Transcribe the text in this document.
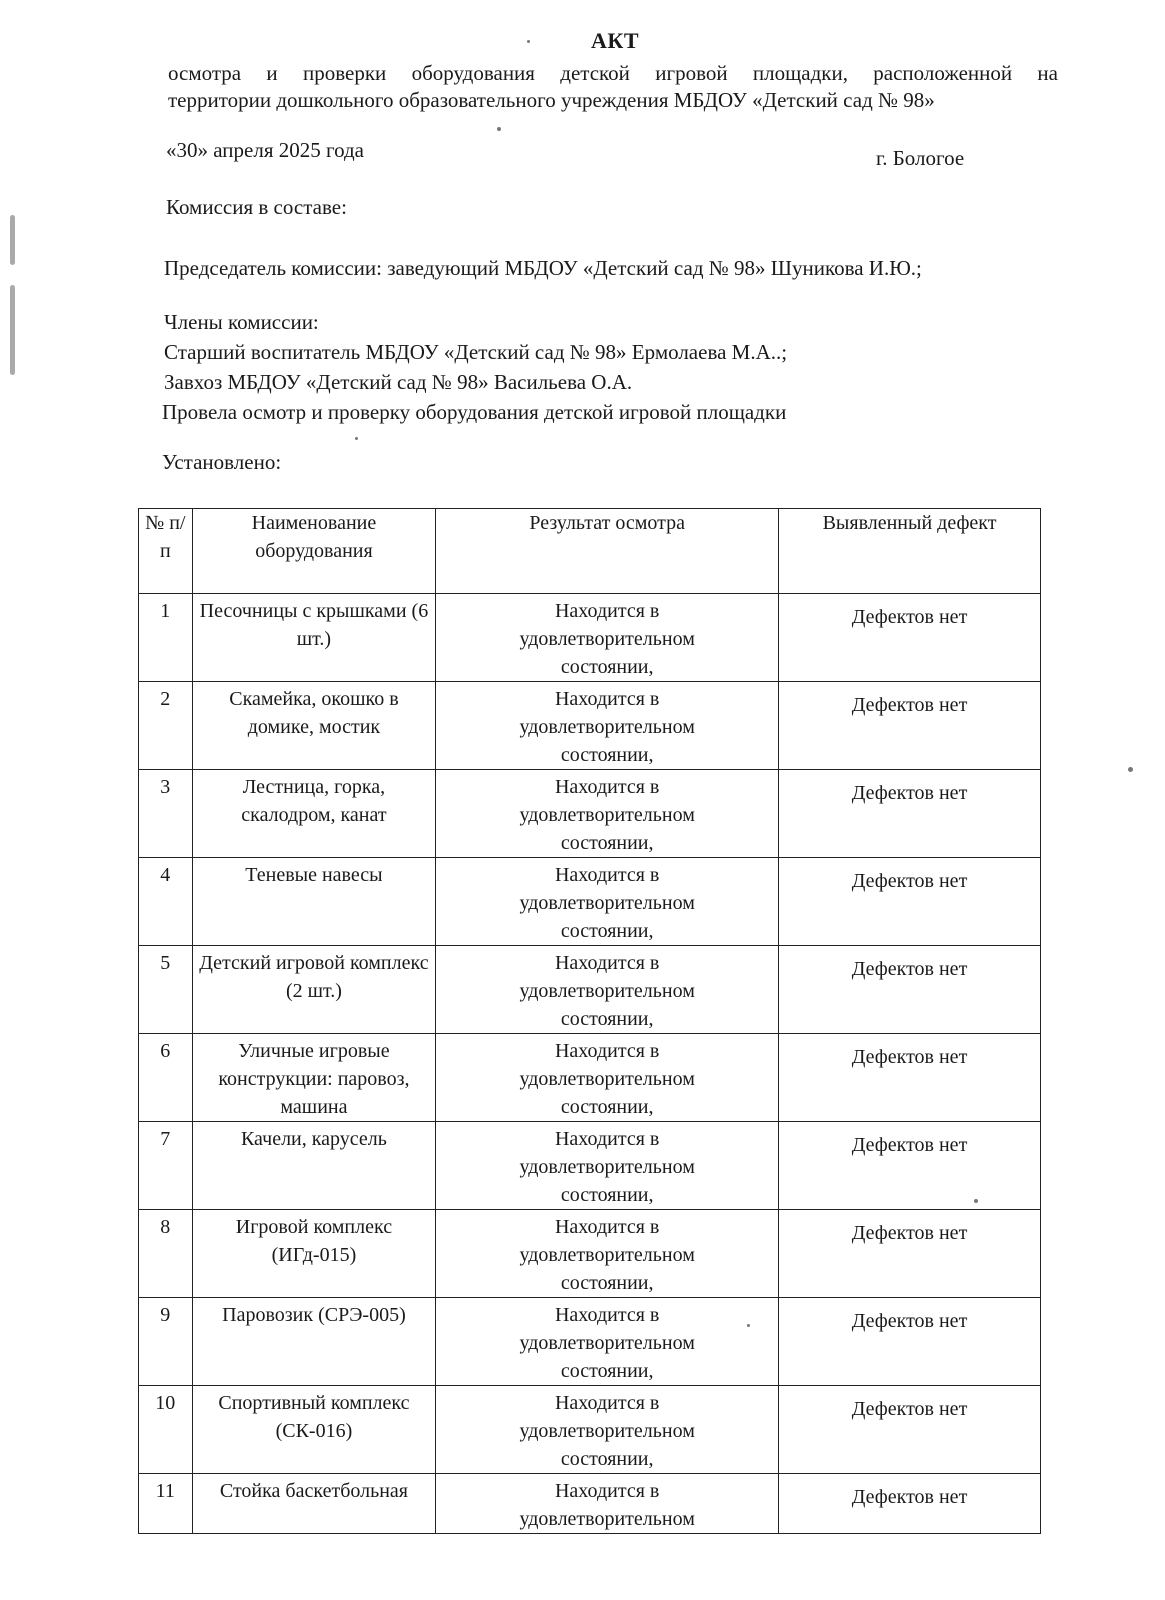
АКТ
осмотра и проверки оборудования детской игровой площадки, расположенной на
территории дошкольного образовательного учреждения МБДОУ «Детский сад № 98»
«30» апреля 2025 года	г. Бологое
Комиссия в составе:
Председатель комиссии: заведующий МБДОУ «Детский сад № 98» Шуникова И.Ю.;
Члены комиссии:
Старший воспитатель МБДОУ «Детский сад № 98» Ермолаева М.А..;
Завхоз МБДОУ «Детский сад № 98» Васильева О.А.
Провела осмотр и проверку оборудования детской игровой площадки
Установлено:
№ п/п	Наименование оборудования	Результат осмотра	Выявленный дефект
1	Песочницы с крышками (6 шт.)	Находится в удовлетворительном состоянии,	Дефектов нет

2	Скамейка, окошко в домике, мостик	Находится в удовлетворительном состоянии,	Дефектов нет

3	Лестница, горка, скалодром, канат	Находится в удовлетворительном состоянии,	Дефектов нет

4	Теневые навесы	Находится в удовлетворительном состоянии,	Дефектов нет

5	Детский игровой комплекс (2 шт.)	Находится в удовлетворительном состоянии,	Дефектов нет

6	Уличные игровые конструкции: паровоз, машина	Находится в удовлетворительном состоянии,	Дефектов нет

7	Качели, карусель	Находится в удовлетворительном состоянии,	Дефектов нет

8	Игровой комплекс (ИГд-015)	Находится в удовлетворительном состоянии,	Дефектов нет

9	Паровозик (СРЭ-005)	Находится в удовлетворительном состоянии,	Дефектов нет

10	Спортивный комплекс (СК-016)	Находится в удовлетворительном состоянии,	Дефектов нет

11	Стойка баскетбольная	Находится в удовлетворительном	Дефектов нет
